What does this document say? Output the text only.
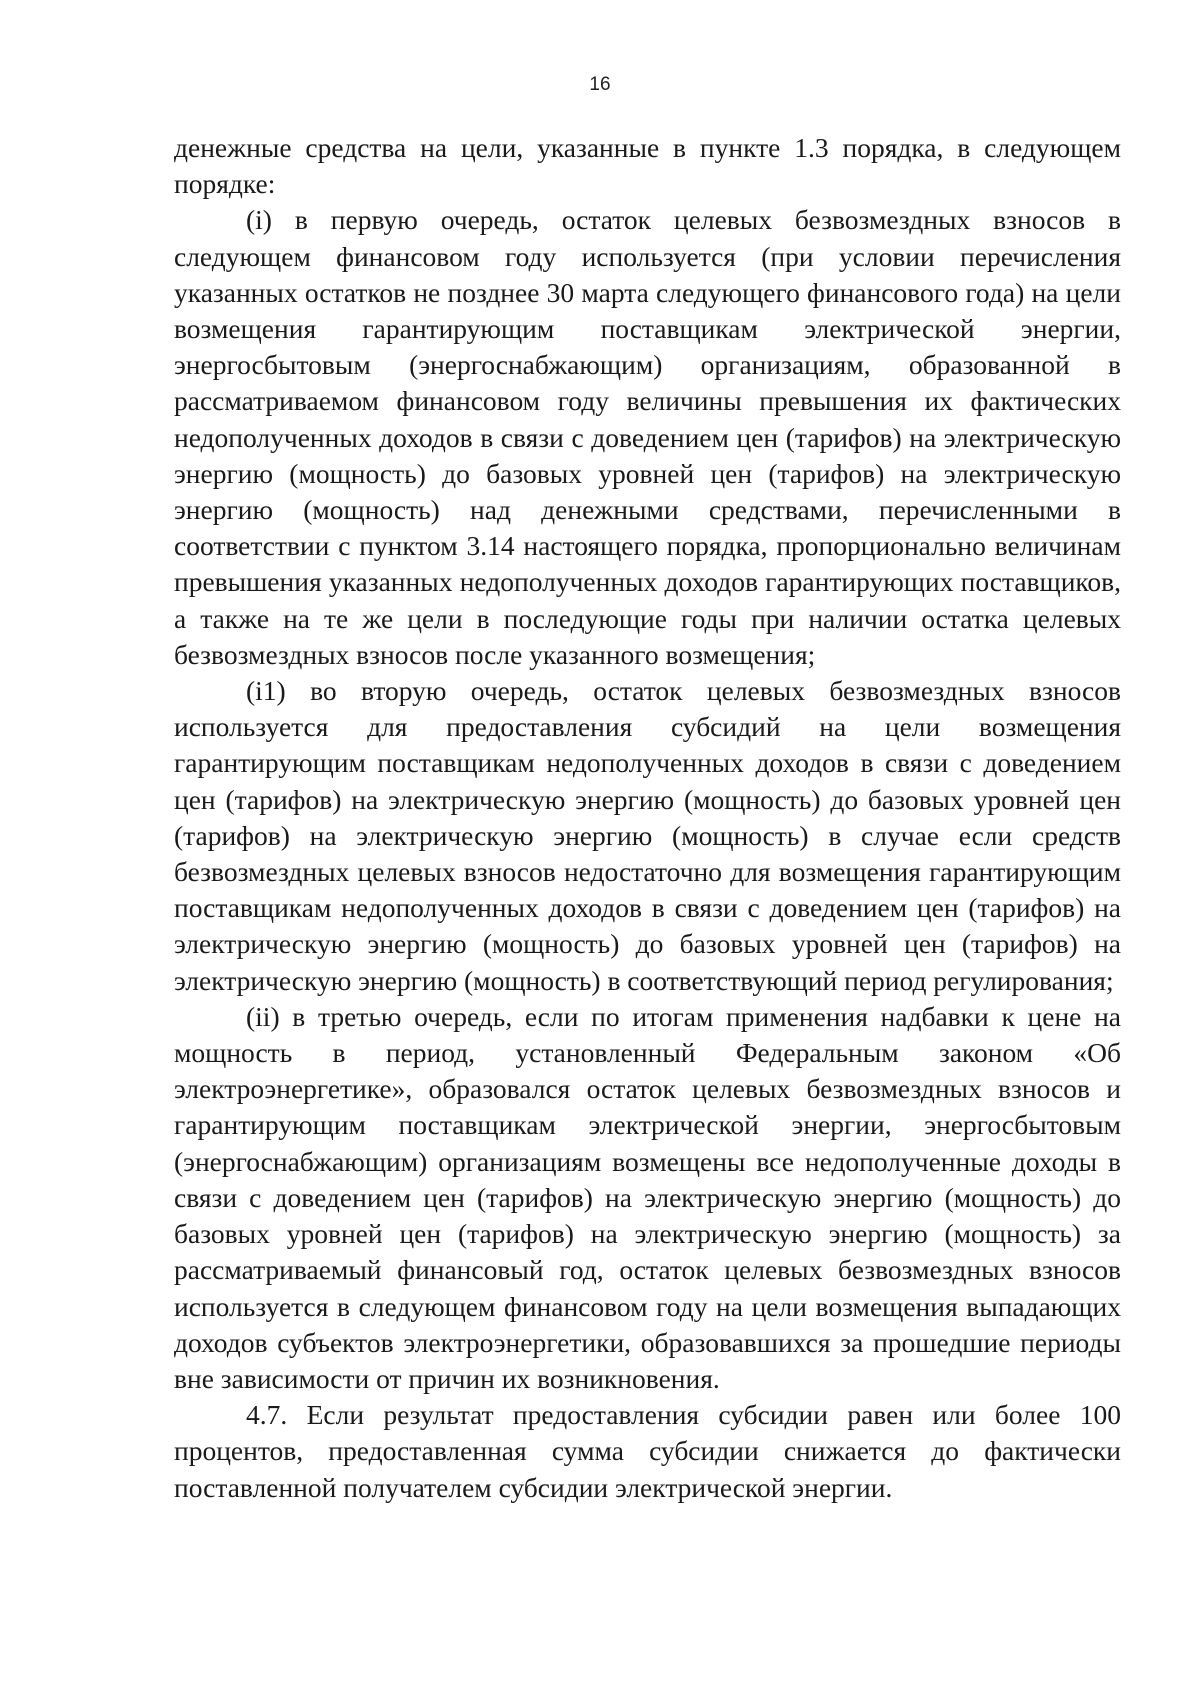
16

денежные средства на цели, указанные в пункте 1.3 порядка, в следующем порядке:

(i) в первую очередь, остаток целевых безвозмездных взносов в следующем финансовом году используется (при условии перечисления указанных остатков не позднее 30 марта следующего финансового года) на цели возмещения гарантирующим поставщикам электрической энергии, энергосбытовым (энергоснабжающим) организациям, образованной в рассматриваемом финансовом году величины превышения их фактических недополученных доходов в связи с доведением цен (тарифов) на электрическую энергию (мощность) до базовых уровней цен (тарифов) на электрическую энергию (мощность) над денежными средствами, перечисленными в соответствии с пунктом 3.14 настоящего порядка, пропорционально величинам превышения указанных недополученных доходов гарантирующих поставщиков, а также на те же цели в последующие годы при наличии остатка целевых безвозмездных взносов после указанного возмещения;

(i1) во вторую очередь, остаток целевых безвозмездных взносов используется для предоставления субсидий на цели возмещения гарантирующим поставщикам недополученных доходов в связи с доведением цен (тарифов) на электрическую энергию (мощность) до базовых уровней цен (тарифов) на электрическую энергию (мощность) в случае если средств безвозмездных целевых взносов недостаточно для возмещения гарантирующим поставщикам недополученных доходов в связи с доведением цен (тарифов) на электрическую энергию (мощность) до базовых уровней цен (тарифов) на электрическую энергию (мощность) в соответствующий период регулирования;

(ii) в третью очередь, если по итогам применения надбавки к цене на мощность в период, установленный Федеральным законом «Об электроэнергетике», образовался остаток целевых безвозмездных взносов и гарантирующим поставщикам электрической энергии, энергосбытовым (энергоснабжающим) организациям возмещены все недополученные доходы в связи с доведением цен (тарифов) на электрическую энергию (мощность) до базовых уровней цен (тарифов) на электрическую энергию (мощность) за рассматриваемый финансовый год, остаток целевых безвозмездных взносов используется в следующем финансовом году на цели возмещения выпадающих доходов субъектов электроэнергетики, образовавшихся за прошедшие периоды вне зависимости от причин их возникновения.

4.7. Если результат предоставления субсидии равен или более 100 процентов, предоставленная сумма субсидии снижается до фактически поставленной получателем субсидии электрической энергии.
